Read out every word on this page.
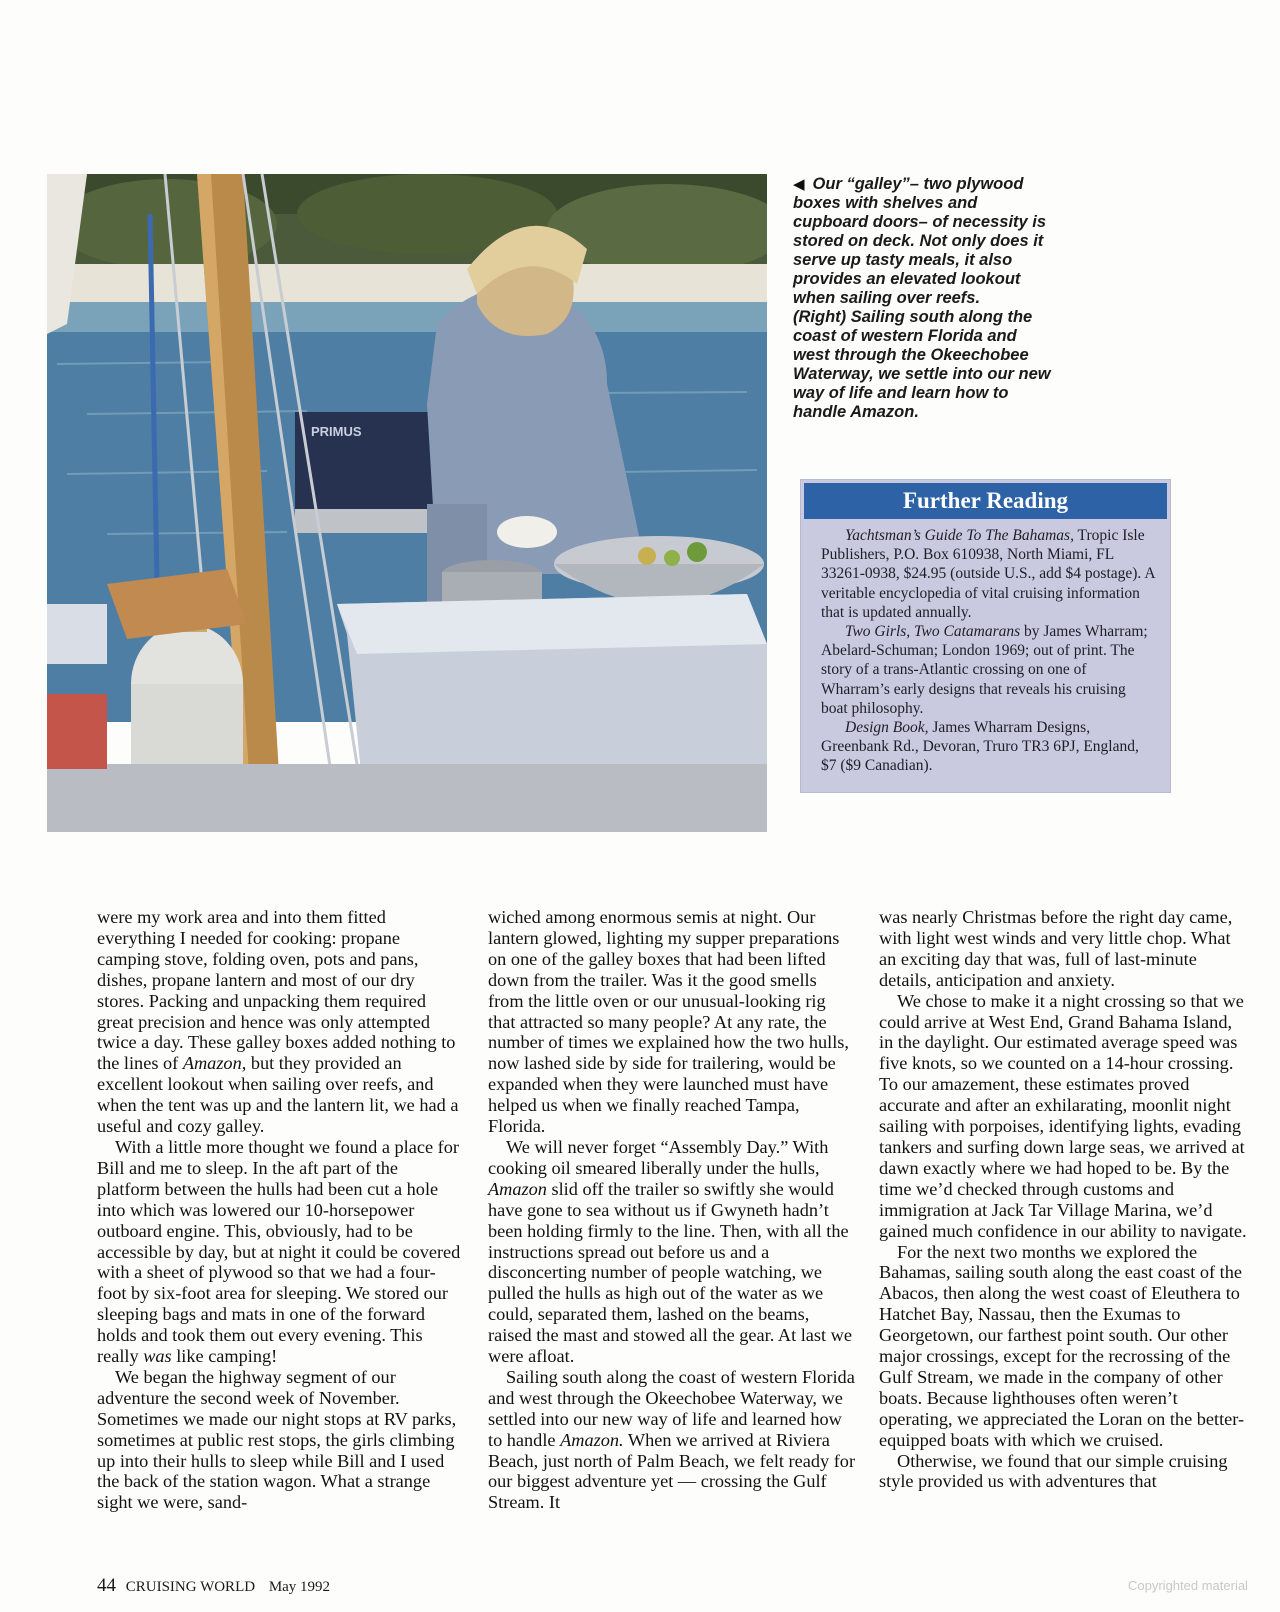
PRIMUS

◀ Our “galley”– two plywood boxes with shelves and cupboard doors– of necessity is stored on deck. Not only does it serve up tasty meals, it also provides an elevated lookout when sailing over reefs.

(Right) Sailing south along the coast of western Florida and west through the Okeechobee Waterway, we settle into our new way of life and learn how to handle Amazon.

Further Reading

Yachtsman’s Guide To The Bahamas, Tropic Isle Publishers, P.O. Box 610938, North Miami, FL 33261-0938, $24.95 (outside U.S., add $4 postage). A veritable encyclopedia of vital cruising information that is updated annually.

Two Girls, Two Catamarans by James Wharram; Abelard-Schuman; London 1969; out of print. The story of a trans-Atlantic crossing on one of Wharram’s early designs that reveals his cruising boat philosophy.

Design Book, James Wharram Designs, Greenbank Rd., Devoran, Truro TR3 6PJ, England, $7 ($9 Canadian).

were my work area and into them fitted everything I needed for cooking: propane camping stove, folding oven, pots and pans, dishes, propane lantern and most of our dry stores. Packing and unpacking them required great precision and hence was only attempted twice a day. These galley boxes added nothing to the lines of Amazon, but they provided an excellent lookout when sailing over reefs, and when the tent was up and the lantern lit, we had a useful and cozy galley.

With a little more thought we found a place for Bill and me to sleep. In the aft part of the platform between the hulls had been cut a hole into which was lowered our 10-horsepower outboard engine. This, obviously, had to be accessible by day, but at night it could be covered with a sheet of plywood so that we had a four-foot by six-foot area for sleeping. We stored our sleeping bags and mats in one of the forward holds and took them out every evening. This really was like camping!

We began the highway segment of our adventure the second week of November. Sometimes we made our night stops at RV parks, sometimes at public rest stops, the girls climbing up into their hulls to sleep while Bill and I used the back of the station wagon. What a strange sight we were, sand-

wiched among enormous semis at night. Our lantern glowed, lighting my supper preparations on one of the galley boxes that had been lifted down from the trailer. Was it the good smells from the little oven or our unusual-looking rig that attracted so many people? At any rate, the number of times we explained how the two hulls, now lashed side by side for trailering, would be expanded when they were launched must have helped us when we finally reached Tampa, Florida.

We will never forget “Assembly Day.” With cooking oil smeared liberally under the hulls, Amazon slid off the trailer so swiftly she would have gone to sea without us if Gwyneth hadn’t been holding firmly to the line. Then, with all the instructions spread out before us and a disconcerting number of people watching, we pulled the hulls as high out of the water as we could, separated them, lashed on the beams, raised the mast and stowed all the gear. At last we were afloat.

Sailing south along the coast of western Florida and west through the Okeechobee Waterway, we settled into our new way of life and learned how to handle Amazon. When we arrived at Riviera Beach, just north of Palm Beach, we felt ready for our biggest adventure yet — crossing the Gulf Stream. It

was nearly Christmas before the right day came, with light west winds and very little chop. What an exciting day that was, full of last-minute details, anticipation and anxiety.

We chose to make it a night crossing so that we could arrive at West End, Grand Bahama Island, in the daylight. Our estimated average speed was five knots, so we counted on a 14-hour crossing. To our amazement, these estimates proved accurate and after an exhilarating, moonlit night sailing with porpoises, identifying lights, evading tankers and surfing down large seas, we arrived at dawn exactly where we had hoped to be. By the time we’d checked through customs and immigration at Jack Tar Village Marina, we’d gained much confidence in our ability to navigate.

For the next two months we explored the Bahamas, sailing south along the east coast of the Abacos, then along the west coast of Eleuthera to Hatchet Bay, Nassau, then the Exumas to Georgetown, our farthest point south. Our other major crossings, except for the recrossing of the Gulf Stream, we made in the company of other boats. Because lighthouses often weren’t operating, we appreciated the Loran on the better-equipped boats with which we cruised.

Otherwise, we found that our simple cruising style provided us with adventures that

44 CRUISING WORLD May 1992	Copyrighted material
